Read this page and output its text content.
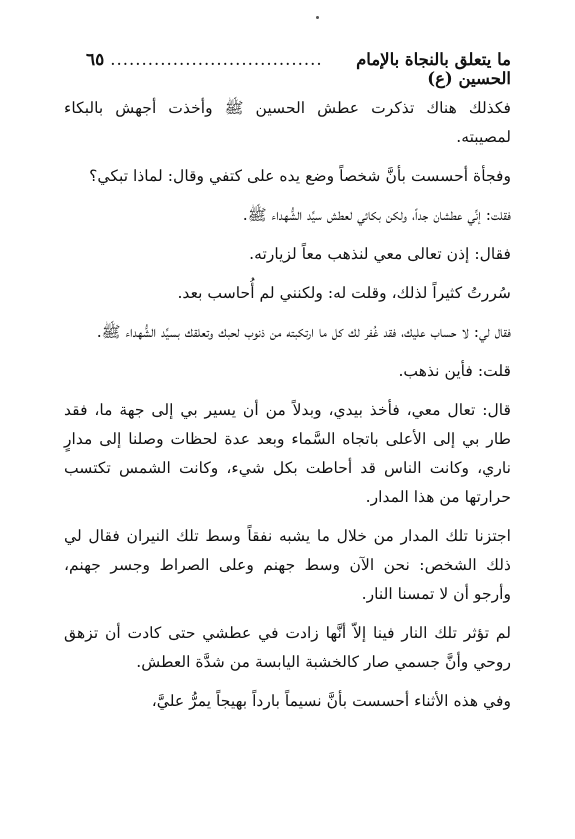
ما يتعلق بالنجاة بالإمام الحسين (ع)
..................................
٦٥

فكذلك هناك تذكرت عطش الحسين ﷺ وأخذت أجهش بالبكاء لمصيبته.

وفجأة أحسست بأنَّ شخصاً وضع يده على كتفي وقال: لماذا تبكي؟

فقلت: إنِّي عطشان جداً، ولكن بكائي لعطش سيِّد الشُّهداء ﷺ.

فقال: إذن تعالى معي لنذهب معاً لزيارته.

سُررتُ كثيراً لذلك، وقلت له: ولكنني لم أُحاسب بعد.

فقال لي: لا حساب عليك، فقد غُفر لك كل ما ارتكبته من ذنوب لحبك وتعلقك بسيِّد الشُّهداء ﷺ.

قلت: فأين نذهب.

قال: تعال معي، فأخذ بيدي، وبدلاً من أن يسير بي إلى جهة ما، فقد طار بي إلى الأعلى باتجاه السَّماء وبعد عدة لحظات وصلنا إلى مدارٍ ناري، وكانت الناس قد أحاطت بكل شيء، وكانت الشمس تكتسب حرارتها من هذا المدار.

اجتزنا تلك المدار من خلال ما يشبه نفقاً وسط تلك النيران فقال لي ذلك الشخص: نحن الآن وسط جهنم وعلى الصراط وجسر جهنم، وأرجو أن لا تمسنا النار.

لم تؤثر تلك النار فينا إلاّ أنَّها زادت في عطشي حتى كادت أن تزهق روحي وأنَّ جسمي صار كالخشبة اليابسة من شدَّة العطش.

وفي هذه الأثناء أحسست بأنَّ نسيماً بارداً بهيجاً يمرُّ عليَّ،
